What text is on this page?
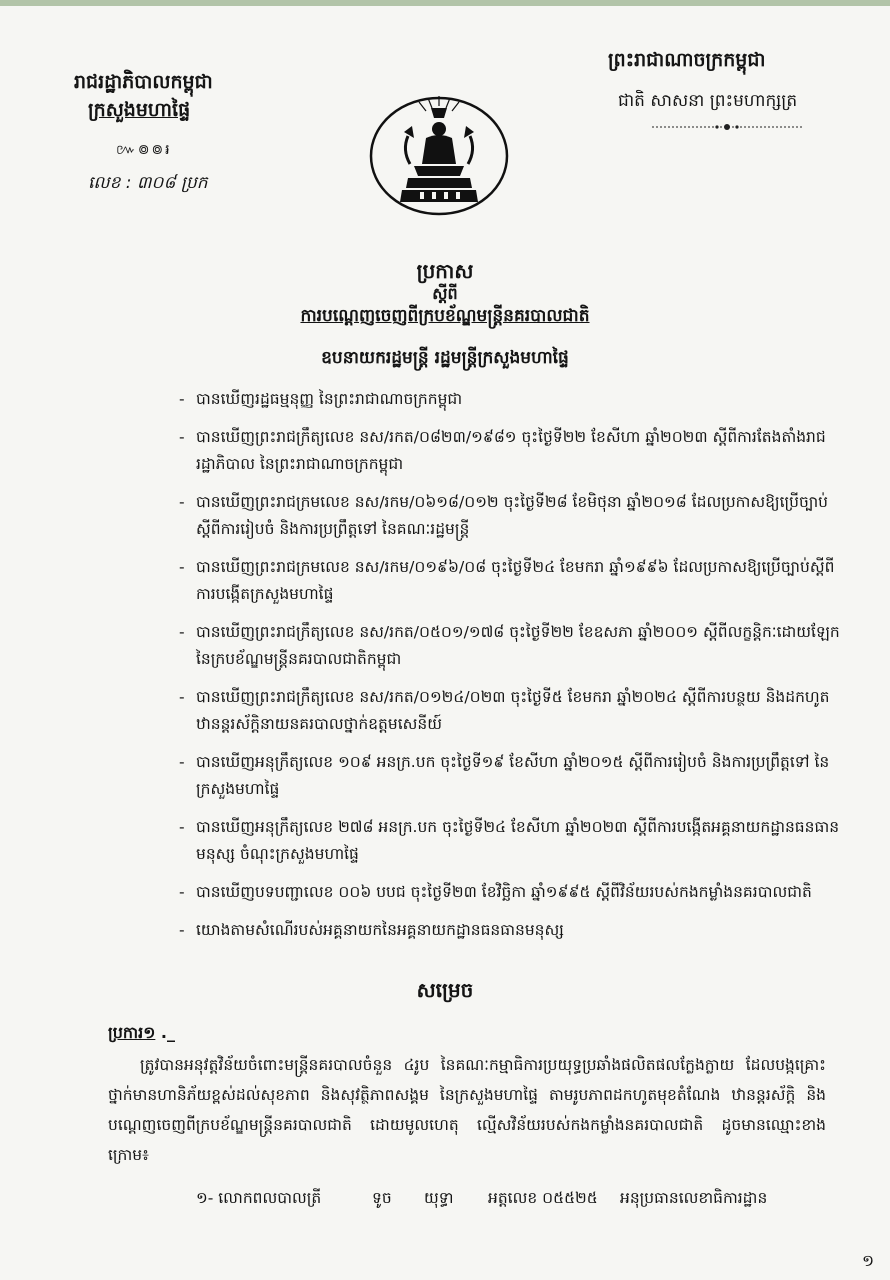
រាជរដ្ឋាភិបាលកម្ពុជា
ក្រសួងមហាផ្ទៃ
៚៙៙៛
លេខ : ៣០៨ ប្រក
ព្រះរាជាណាចក្រកម្ពុជា
ជាតិ សាសនា ព្រះមហាក្សត្រ
ប្រកាស
ស្តីពី
ការបណ្តេញចេញពីក្របខ័ណ្ឌមន្ត្រីនគរបាលជាតិ
ឧបនាយករដ្ឋមន្ត្រី រដ្ឋមន្ត្រីក្រសួងមហាផ្ទៃ
- បានឃើញរដ្ឋធម្មនុញ្ញ នៃព្រះរាជាណាចក្រកម្ពុជា
- បានឃើញព្រះរាជក្រឹត្យលេខ នស/រកត/០៨២៣/១៩៨១ ចុះថ្ងៃទី២២ ខែសីហា ឆ្នាំ២០២៣ ស្តីពីការតែងតាំងរាជរដ្ឋាភិបាល នៃព្រះរាជាណាចក្រកម្ពុជា
- បានឃើញព្រះរាជក្រមលេខ នស/រកម/០៦១៨/០១២ ចុះថ្ងៃទី២៨ ខែមិថុនា ឆ្នាំ២០១៨ ដែលប្រកាសឱ្យប្រើច្បាប់ស្តីពីការរៀបចំ និងការប្រព្រឹត្តទៅ នៃគណៈរដ្ឋមន្ត្រី
- បានឃើញព្រះរាជក្រមលេខ នស/រកម/០១៩៦/០៨ ចុះថ្ងៃទី២៤ ខែមករា ឆ្នាំ១៩៩៦ ដែលប្រកាសឱ្យប្រើច្បាប់ស្តីពីការបង្កើតក្រសួងមហាផ្ទៃ
- បានឃើញព្រះរាជក្រឹត្យលេខ នស/រកត/០៥០១/១៧៨ ចុះថ្ងៃទី២២ ខែឧសភា ឆ្នាំ២០០១ ស្តីពីលក្ខន្តិកៈដោយឡែក នៃក្របខ័ណ្ឌមន្ត្រីនគរបាលជាតិកម្ពុជា
- បានឃើញព្រះរាជក្រឹត្យលេខ នស/រកត/០១២៤/០២៣ ចុះថ្ងៃទី៥ ខែមករា ឆ្នាំ២០២៤ ស្តីពីការបន្ថយ និងដកហូតឋានន្តរស័ក្តិនាយនគរបាលថ្នាក់ឧត្តមសេនីយ៍
- បានឃើញអនុក្រឹត្យលេខ ១០៩ អនក្រ.បក ចុះថ្ងៃទី១៩ ខែសីហា ឆ្នាំ២០១៥ ស្តីពីការរៀបចំ និងការប្រព្រឹត្តទៅ នៃក្រសួងមហាផ្ទៃ
- បានឃើញអនុក្រឹត្យលេខ ២៧៨ អនក្រ.បក ចុះថ្ងៃទី២៤ ខែសីហា ឆ្នាំ២០២៣ ស្តីពីការបង្កើតអគ្គនាយកដ្ឋានធនធានមនុស្ស ចំណុះក្រសួងមហាផ្ទៃ
- បានឃើញបទបញ្ជាលេខ ០០៦ បបជ ចុះថ្ងៃទី២៣ ខែវិច្ឆិកា ឆ្នាំ១៩៩៥ ស្តីពីវិន័យរបស់កងកម្លាំងនគរបាលជាតិ
- យោងតាមសំណើរបស់អគ្គនាយកនៃអគ្គនាយកដ្ឋានធនធានមនុស្ស
សម្រេច
ប្រការ១ ._
ត្រូវបានអនុវត្តវិន័យចំពោះមន្ត្រីនគរបាលចំនួន ៤រូប នៃគណៈកម្មាធិការប្រយុទ្ធប្រឆាំងផលិតផលក្លែងក្លាយ ដែលបង្កគ្រោះថ្នាក់មានហានិភ័យខ្ពស់ដល់សុខភាព និងសុវត្ថិភាពសង្គម នៃក្រសួងមហាផ្ទៃ តាមរូបភាពដកហូតមុខតំណែង ឋានន្តរស័ក្តិ និងបណ្តេញចេញពីក្របខ័ណ្ឌមន្ត្រីនគរបាលជាតិ ដោយមូលហេតុ ល្មើសវិន័យរបស់កងកម្លាំងនគរបាលជាតិ ដូចមានឈ្មោះខាងក្រោម៖
១- លោកពលបាលត្រី	ទូច យុទ្ធា អត្តលេខ ០៥៥២៥ អនុប្រធានលេខាធិការដ្ឋាន
១
